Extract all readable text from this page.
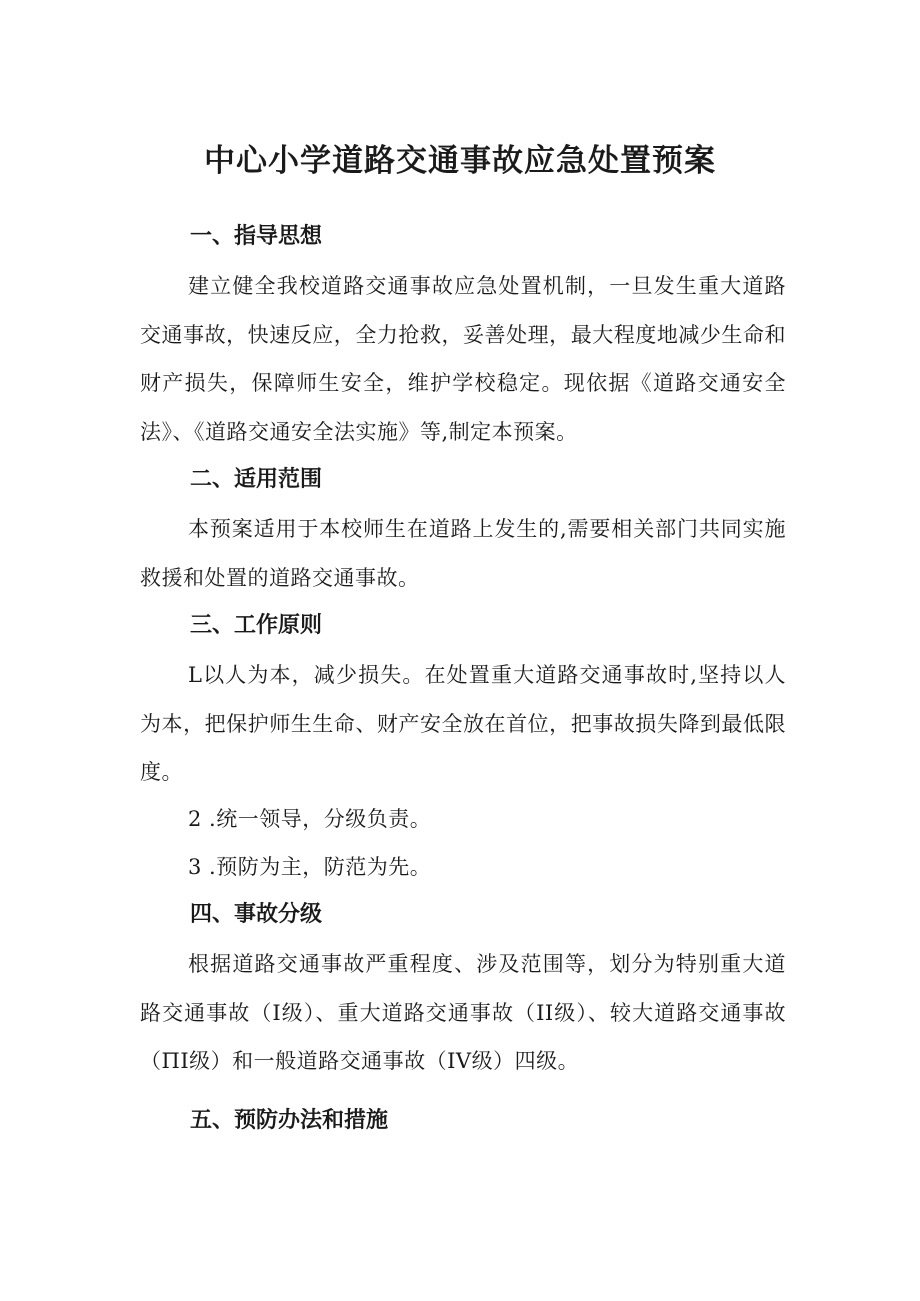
中心小学道路交通事故应急处置预案
一、指导思想
建立健全我校道路交通事故应急处置机制，一旦发生重大道路交通事故，快速反应，全力抢救，妥善处理，最大程度地减少生命和财产损失，保障师生安全，维护学校稳定。现依据《道路交通安全法》、《道路交通安全法实施》等,制定本预案。
二、适用范围
本预案适用于本校师生在道路上发生的,需要相关部门共同实施救援和处置的道路交通事故。
三、工作原则
L以人为本，减少损失。在处置重大道路交通事故时,坚持以人为本，把保护师生生命、财产安全放在首位，把事故损失降到最低限度。
2 .统一领导，分级负责。
3 .预防为主，防范为先。
四、事故分级
根据道路交通事故严重程度、涉及范围等，划分为特别重大道路交通事故（I级）、重大道路交通事故（II级）、较大道路交通事故（ΠI级）和一般道路交通事故（IV级）四级。
五、预防办法和措施
